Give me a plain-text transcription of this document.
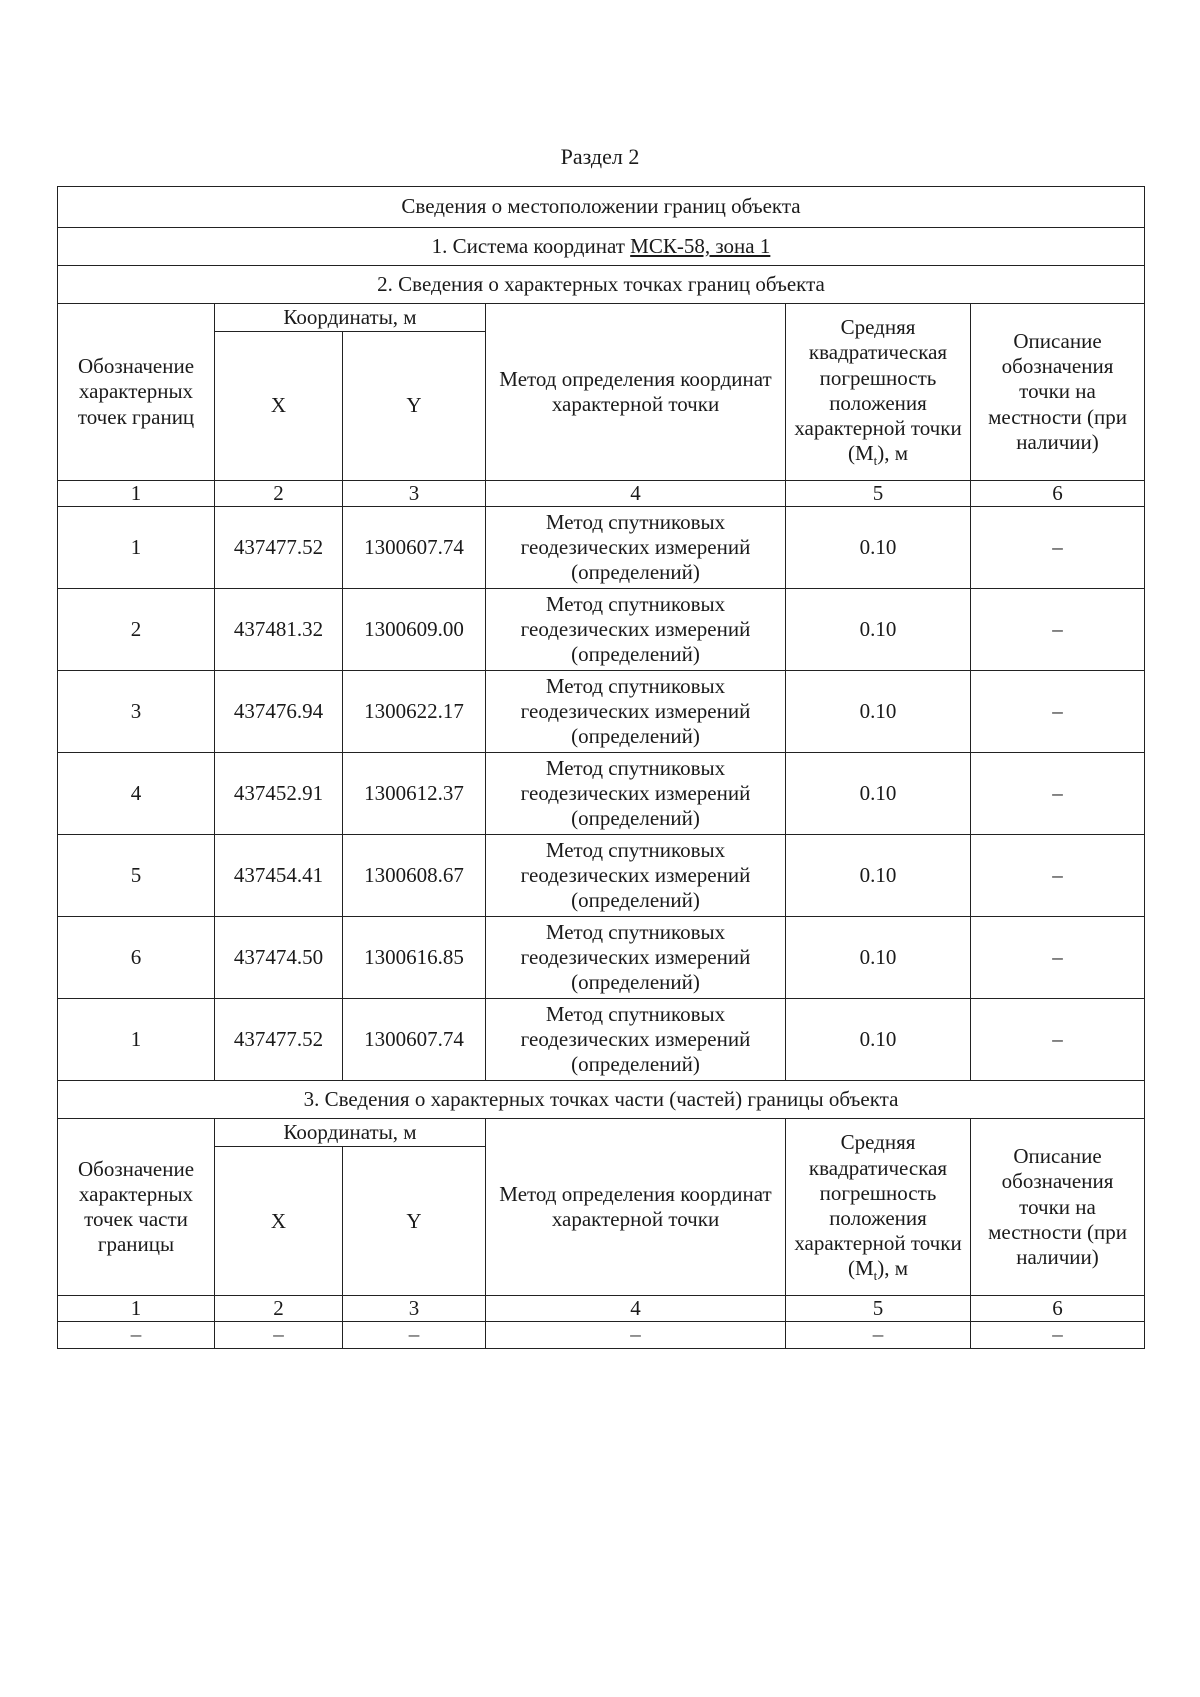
Раздел 2
Сведения о местоположении границ объекта					
1. Система координат МСК-58, зона 1					
2. Сведения о характерных точках границ объекта					
Обозначение характерных точек границ	Координаты, м		Метод определения координат характерной точки	Средняя квадратическая погрешность положения характерной точки $(M_t)$, м	Описание обозначения точки на местности (при наличии)
	X	Y			
1	2	3	4	5	6
1	437477.52	1300607.74	Метод спутниковых геодезических измерений (определений)	0.10	–
2	437481.32	1300609.00	Метод спутниковых геодезических измерений (определений)	0.10	–
3	437476.94	1300622.17	Метод спутниковых геодезических измерений (определений)	0.10	–
4	437452.91	1300612.37	Метод спутниковых геодезических измерений (определений)	0.10	–
5	437454.41	1300608.67	Метод спутниковых геодезических измерений (определений)	0.10	–
6	437474.50	1300616.85	Метод спутниковых геодезических измерений (определений)	0.10	–
1	437477.52	1300607.74	Метод спутниковых геодезических измерений (определений)	0.10	–
3. Сведения о характерных точках части (частей) границы объекта					
Обозначение характерных точек части границы	Координаты, м		Метод определения координат характерной точки	Средняя квадратическая погрешность положения характерной точки $(M_t)$, м	Описание обозначения точки на местности (при наличии)
	X	Y			
1	2	3	4	5	6
–	–	–	–	–	–
